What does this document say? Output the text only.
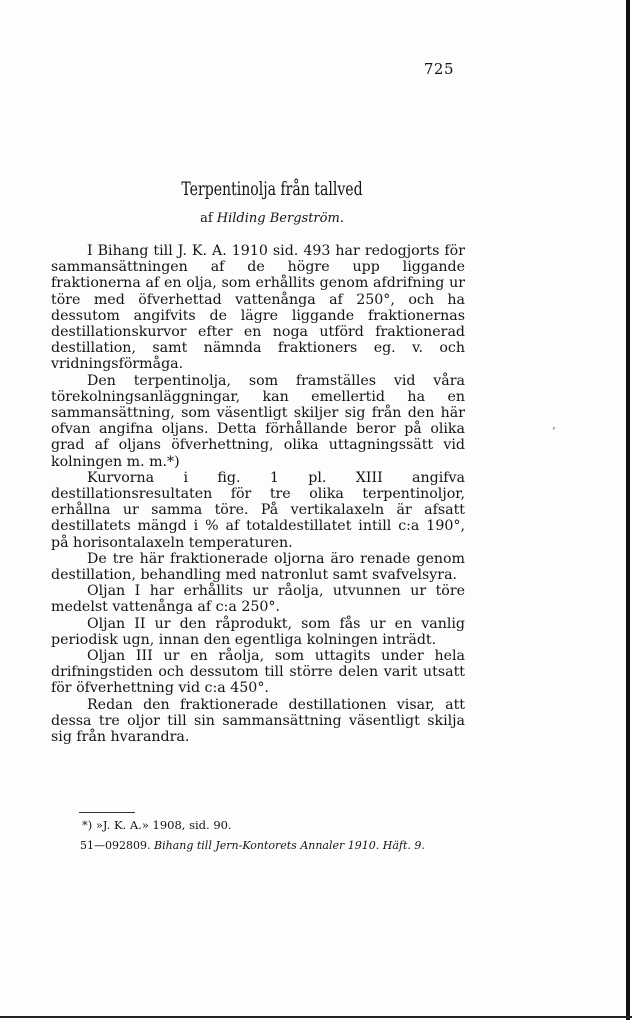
725
Terpentinolja från tallved
af Hilding Bergström.

I Bihang till J. K. A. 1910 sid. 493 har redogjorts för sammansättningen af de högre upp liggande fraktionerna af en olja, som erhållits genom afdrifning ur töre med öfverhettad vattenånga af 250°, och ha dessutom angifvits de lägre liggande fraktionernas destillationskurvor efter en noga utförd fraktionerad destillation, samt nämnda fraktioners eg. v. och vridningsförmåga.

Den terpentinolja, som framställes vid våra törekolningsanläggningar, kan emellertid ha en sammansättning, som väsentligt skiljer sig från den här ofvan angifna oljans. Detta förhållande beror på olika grad af oljans öfverhettning, olika uttagningssätt vid kolningen m. m.*)

Kurvorna i fig. 1 pl. XIII angifva destillationsresultaten för tre olika terpentinoljor, erhållna ur samma töre. På vertikalaxeln är afsatt destillatets mängd i % af totaldestillatet intill c:a 190°, på horisontalaxeln temperaturen.

De tre här fraktionerade oljorna äro renade genom destillation, behandling med natronlut samt svafvelsyra.

Oljan I har erhållits ur råolja, utvunnen ur töre medelst vattenånga af c:a 250°.

Oljan II ur den råprodukt, som fås ur en vanlig periodisk ugn, innan den egentliga kolningen inträdt.

Oljan III ur en råolja, som uttagits under hela drifningstiden och dessutom till större delen varit utsatt för öfverhettning vid c:a 450°.

Redan den fraktionerade destillationen visar, att dessa tre oljor till sin sammansättning väsentligt skilja sig från hvarandra.

ʻ
*) »J. K. A.» 1908, sid. 90.
51—092809. Bihang till Jern-Kontorets Annaler 1910. Häft. 9.
